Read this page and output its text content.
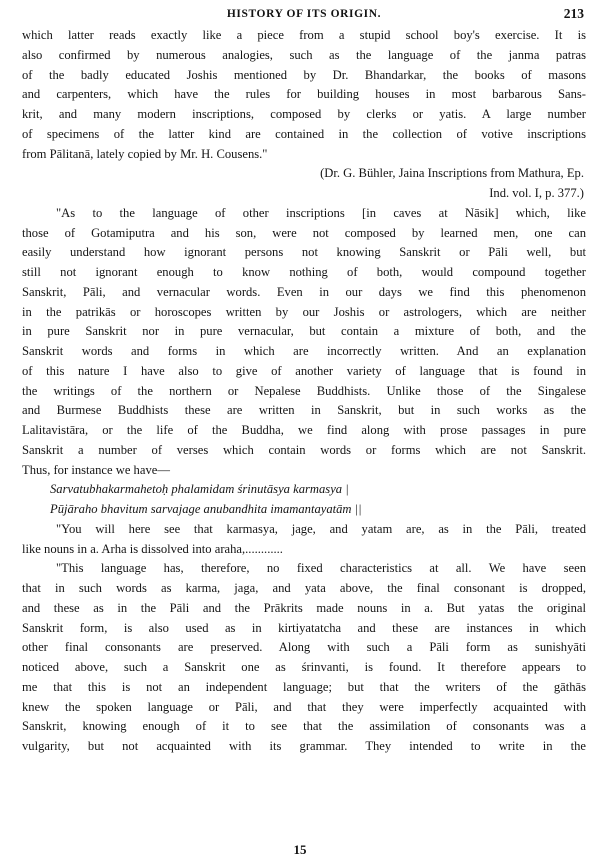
HISTORY OF ITS ORIGIN.	213
which latter reads exactly like a piece from a stupid school boy's exercise. It is
also confirmed by numerous analogies, such as the language of the janma patras
of the badly educated Joshis mentioned by Dr. Bhandarkar, the books of masons
and carpenters, which have the rules for building houses in most barbarous Sans-
krit, and many modern inscriptions, composed by clerks or yatis. A large number
of specimens of the latter kind are contained in the collection of votive inscriptions
from Pālitanā, lately copied by Mr. H. Cousens."
(Dr. G. Bühler, Jaina Inscriptions from Mathura, Ep.
Ind. vol. I, p. 377.)
"As to the language of other inscriptions [in caves at Nāsik] which, like
those of Gotamiputra and his son, were not composed by learned men, one can
easily understand how ignorant persons not knowing Sanskrit or Pāli well, but
still not ignorant enough to know nothing of both, would compound together
Sanskrit, Pāli, and vernacular words. Even in our days we find this phenomenon
in the patrikās or horoscopes written by our Joshis or astrologers, which are neither
in pure Sanskrit nor in pure vernacular, but contain a mixture of both, and the
Sanskrit words and forms in which are incorrectly written. And an explanation
of this nature I have also to give of another variety of language that is found in
the writings of the northern or Nepalese Buddhists. Unlike those of the Singalese
and Burmese Buddhists these are written in Sanskrit, but in such works as the
Lalitavistāra, or the life of the Buddha, we find along with prose passages in pure
Sanskrit a number of verses which contain words or forms which are not Sanskrit.
Thus, for instance we have—
Sarvatubhakarmahetoḥ phalamidam śrinutāsya karmasya |
Pūjāraho bhavitum sarvajage anubandhita imamantayatām ||
"You will here see that karmasya, jage, and yatam are, as in the Pāli, treated
like nouns in a. Arha is dissolved into araha,............
"This language has, therefore, no fixed characteristics at all. We have seen
that in such words as karma, jaga, and yata above, the final consonant is dropped,
and these as in the Pāli and the Prākrits made nouns in a. But yatas the original
Sanskrit form, is also used as in kirtiyatatcha and these are instances in which
other final consonants are preserved. Along with such a Pāli form as sunishyāti
noticed above, such a Sanskrit one as śrinvanti, is found. It therefore appears to
me that this is not an independent language; but that the writers of the gāthās
knew the spoken language or Pāli, and that they were imperfectly acquainted with
Sanskrit, knowing enough of it to see that the assimilation of consonants was a
vulgarity, but not acquainted with its grammar. They intended to write in the
15
